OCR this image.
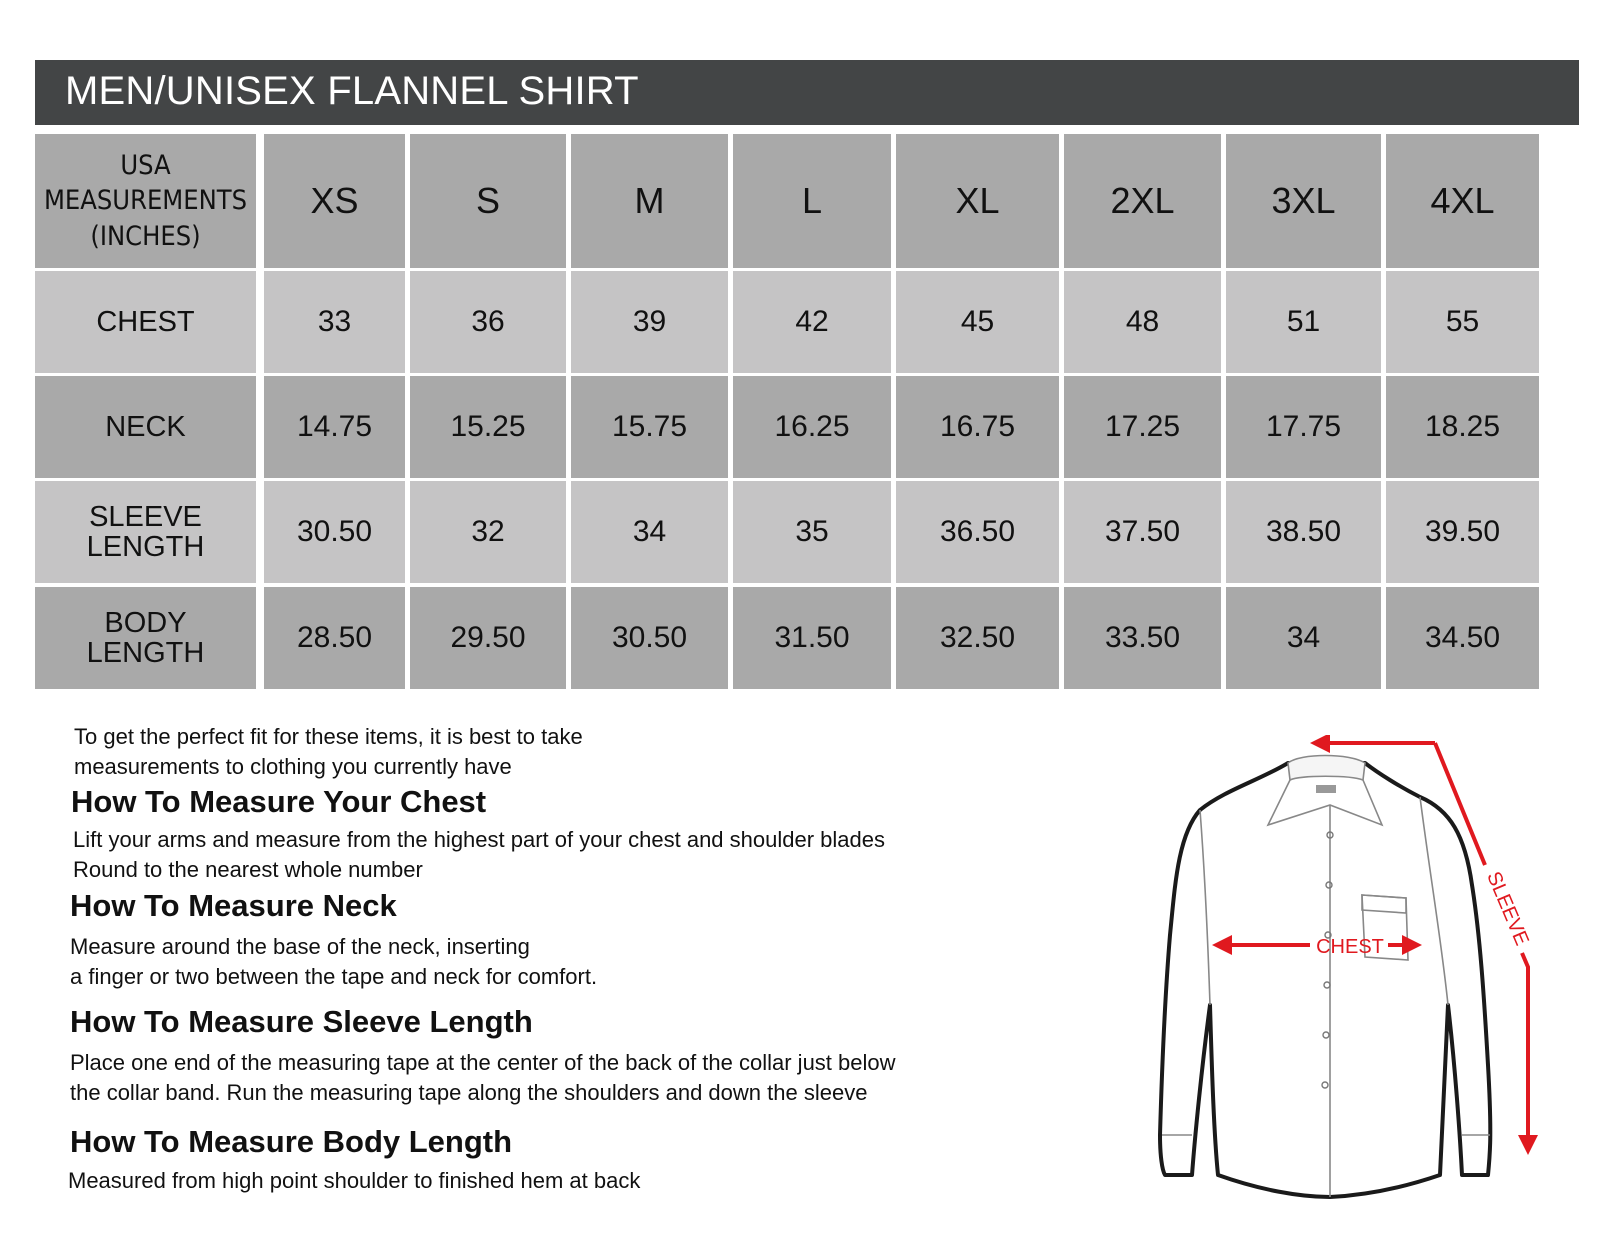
MEN/UNISEX FLANNEL SHIRT
USA
MEASUREMENTS
(INCHES)
XS	S	M	L	XL	2XL	3XL	4XL
CHEST	33	36	39	42	45	48	51	55
NECK	14.75	15.25	15.75	16.25	16.75	17.25	17.75	18.25
SLEEVE
LENGTH	30.50	32	34	35	36.50	37.50	38.50	39.50
BODY
LENGTH	28.50	29.50	30.50	31.50	32.50	33.50	34	34.50
To get the perfect fit for these items, it is best to take
measurements to clothing you currently have
How To Measure Your Chest
Lift your arms and measure from the highest part of your chest and shoulder blades
Round to the nearest whole number
How To Measure Neck
Measure around the base of the neck, inserting
a finger or two between the tape and neck for comfort.
How To Measure Sleeve Length
Place one end of the measuring tape at the center of the back of the collar just below
the collar band. Run the measuring tape along the shoulders and down the sleeve
How To Measure Body Length
Measured from high point shoulder to finished hem at back
CHEST	SLEEVE
